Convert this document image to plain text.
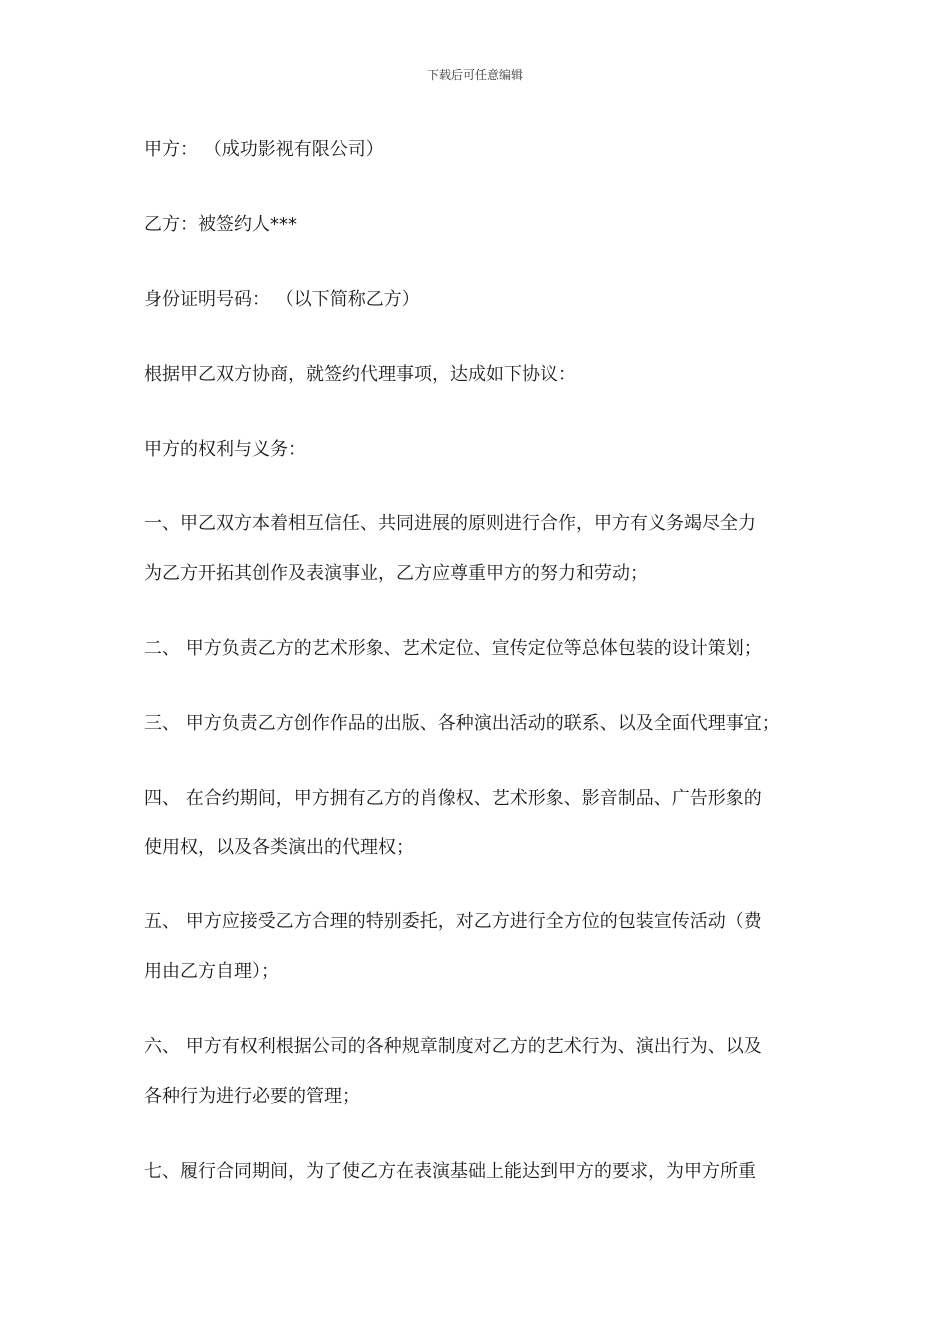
下载后可任意编辑
甲方： （成功影视有限公司）
乙方：被签约人***
身份证明号码： （以下简称乙方）
根据甲乙双方协商，就签约代理事项，达成如下协议：
甲方的权利与义务：
一、甲乙双方本着相互信任、共同进展的原则进行合作，甲方有义务竭尽全力
为乙方开拓其创作及表演事业，乙方应尊重甲方的努力和劳动；
二、 甲方负责乙方的艺术形象、艺术定位、宣传定位等总体包装的设计策划；
三、 甲方负责乙方创作作品的出版、各种演出活动的联系、以及全面代理事宜；
四、 在合约期间，甲方拥有乙方的肖像权、艺术形象、影音制品、广告形象的
使用权，以及各类演出的代理权；
五、 甲方应接受乙方合理的特别委托，对乙方进行全方位的包装宣传活动（费
用由乙方自理）；
六、 甲方有权利根据公司的各种规章制度对乙方的艺术行为、演出行为、以及
各种行为进行必要的管理；
七、履行合同期间，为了使乙方在表演基础上能达到甲方的要求，为甲方所重
